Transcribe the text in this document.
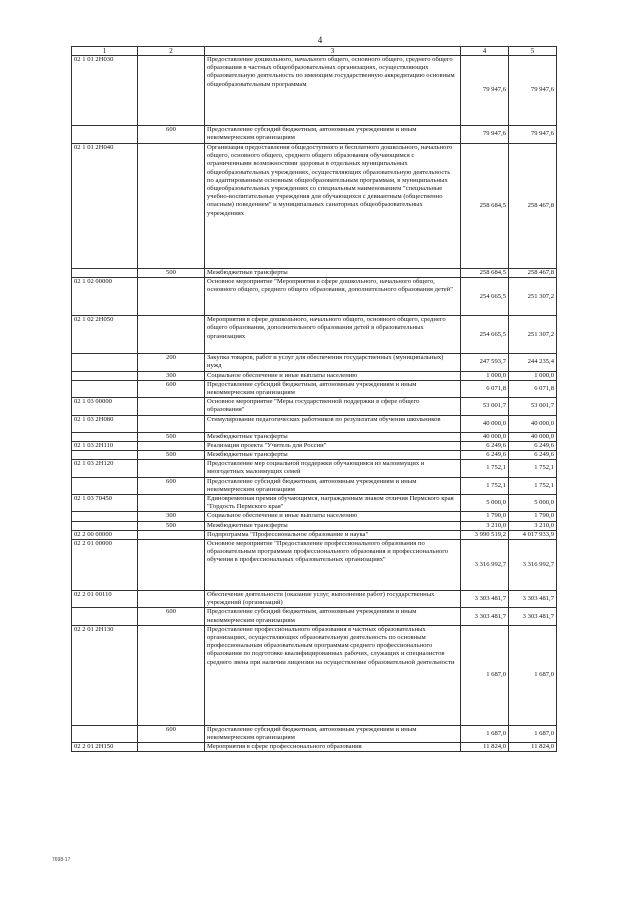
4
1	2	3	4	5
02 1 01 2Н030		Предоставление дошкольного, начального общего, основного общего, среднего общего образования в частных общеобразовательных организациях, осуществляющих образовательную деятельность по имеющим государственную аккредитацию основным общеобразовательным программам	79 947,6	79 947,6
	600	Предоставление субсидий бюджетным, автономным учреждениям и иным некоммерческим организациям	79 947,6	79 947,6
02 1 01 2Н040		Организация предоставления общедоступного и бесплатного дошкольного, начального общего, основного общего, среднего общего образования обучающимся с ограниченными возможностями здоровья в отдельных муниципальных общеобразовательных учреждениях, осуществляющих образовательную деятельность по адаптированным основным общеобразовательным программам, в муниципальных общеобразовательных учреждениях со специальным наименованием "специальные учебно-воспитательные учреждения для обучающихся с девиантным (общественно опасным) поведением" и муниципальных санаторных общеобразовательных учреждениях	258 684,5	258 467,8
	500	Межбюджетные трансферты	258 684,5	258 467,8
02 1 02 00000		Основное мероприятие "Мероприятия в сфере дошкольного, начального общего, основного общего, среднего общего образования, дополнительного образования детей"	254 665,5	251 307,2
02 1 02 2Н050		Мероприятия в сфере дошкольного, начального общего, основного общего, среднего общего образования, дополнительного образования детей в образовательных организациях	254 665,5	251 307,2
	200	Закупка товаров, работ и услуг для обеспечения государственных (муниципальных) нужд	247 593,7	244 235,4
	300	Социальное обеспечение и иные выплаты населению	1 000,0	1 000,0
	600	Предоставление субсидий бюджетным, автономным учреждениям и иным некоммерческим организациям	6 071,8	6 071,8
02 1 03 00000		Основное мероприятие "Меры государственной поддержки в сфере общего образования"	53 001,7	53 001,7
02 1 03 2Н080		Стимулирование педагогических работников по результатам обучения школьников	40 000,0	40 000,0
	500	Межбюджетные трансферты	40 000,0	40 000,0
02 1 03 2Н110		Реализация проекта "Учитель для России"	6 249,6	6 249,6
	500	Межбюджетные трансферты	6 249,6	6 249,6
02 1 03 2Н120		Предоставление мер социальной поддержки обучающимся из малоимущих и многодетных малоимущих семей	1 752,1	1 752,1
	600	Предоставление субсидий бюджетным, автономным учреждениям и иным некоммерческим организациям	1 752,1	1 752,1
02 1 03 70450		Единовременная премия обучающимся, награжденным знаком отличия Пермского края "Гордость Пермского края"	5 000,0	5 000,0
	300	Социальное обеспечение и иные выплаты населению	1 790,0	1 790,0
	500	Межбюджетные трансферты	3 210,0	3 210,0
02 2 00 00000		Подпрограмма "Профессиональное образование и наука"	3 990 519,2	4 017 933,9
02 2 01 00000		Основное мероприятие "Предоставление профессионального образования по образовательным программам профессионального образования и профессионального обучения в профессиональных образовательных организациях"	3 316 992,7	3 316 992,7
02 2 01 00110		Обеспечение деятельности (оказание услуг, выполнение работ) государственных учреждений (организаций)	3 303 481,7	3 303 481,7
	600	Предоставление субсидий бюджетным, автономным учреждениям и иным некоммерческим организациям	3 303 481,7	3 303 481,7
02 2 01 2Н130		Предоставление профессионального образования в частных образовательных организациях, осуществляющих образовательную деятельность по основным профессиональным образовательным программам среднего профессионального образования по подготовке квалифицированных рабочих, служащих и специалистов среднего звена при наличии лицензии на осуществление образовательной деятельности	1 687,0	1 687,0
	600	Предоставление субсидий бюджетным, автономным учреждениям и иным некоммерческим организациям	1 687,0	1 687,0
02 2 01 2Н150		Мероприятия в сфере профессионального образования	11 824,0	11 824,0
7698-17
